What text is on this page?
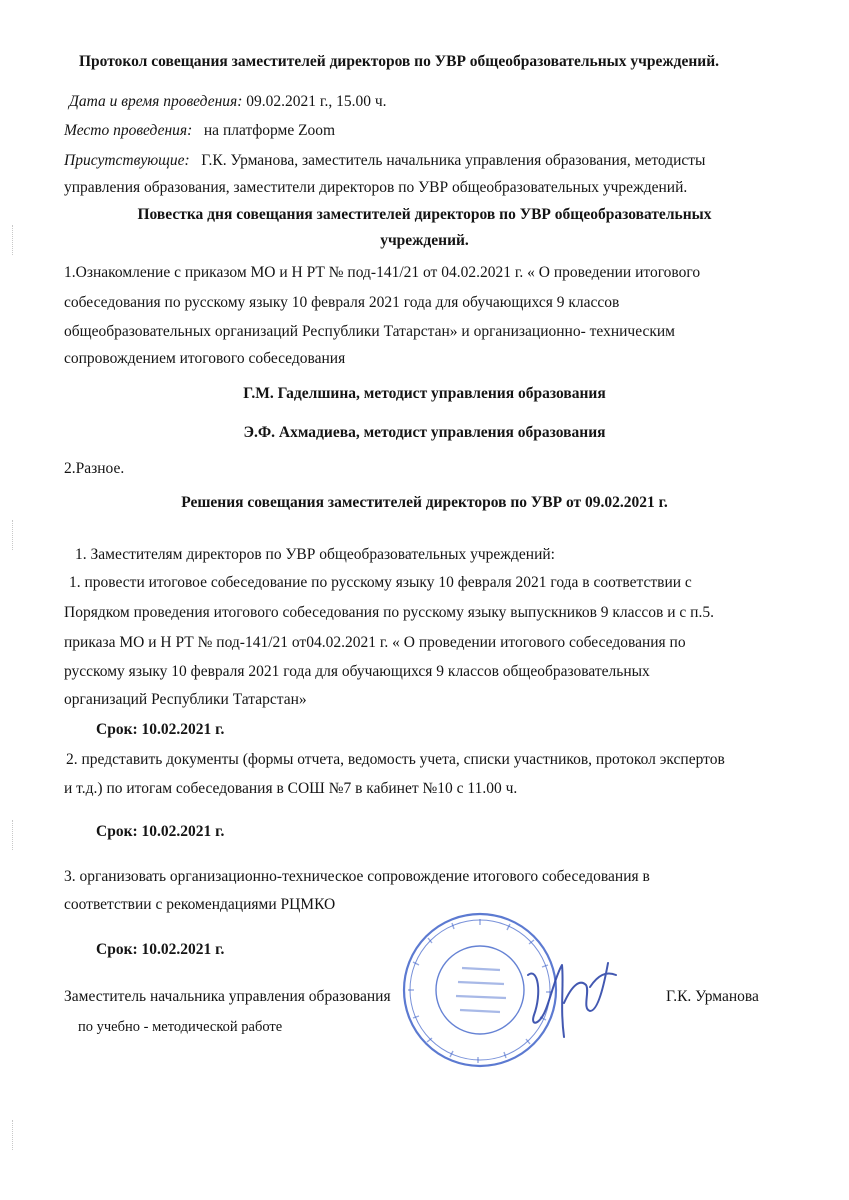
Протокол совещания заместителей директоров по УВР общеобразовательных учреждений.
Дата и время проведения: 09.02.2021 г., 15.00 ч.
Место проведения: на платформе Zoom
Присутствующие: Г.К. Урманова, заместитель начальника управления образования, методисты
управления образования, заместители директоров по УВР общеобразовательных учреждений.
Повестка дня совещания заместителей директоров по УВР общеобразовательных
учреждений.
1.Ознакомление с приказом МО и Н РТ № под-141/21 от 04.02.2021 г. « О проведении итогового
собеседования по русскому языку 10 февраля 2021 года для обучающихся 9 классов
общеобразовательных организаций Республики Татарстан» и организационно- техническим
сопровождением итогового собеседования
Г.М. Гаделшина, методист управления образования
Э.Ф. Ахмадиева, методист управления образования
2.Разное.
Решения совещания заместителей директоров по УВР от 09.02.2021 г.
1. Заместителям директоров по УВР общеобразовательных учреждений:
1. провести итоговое собеседование по русскому языку 10 февраля 2021 года в соответствии с
Порядком проведения итогового собеседования по русскому языку выпускников 9 классов и с п.5.
приказа МО и Н РТ № под-141/21 от04.02.2021 г. « О проведении итогового собеседования по
русскому языку 10 февраля 2021 года для обучающихся 9 классов общеобразовательных
организаций Республики Татарстан»
Срок: 10.02.2021 г.
2. представить документы (формы отчета, ведомость учета, списки участников, протокол экспертов
и т.д.) по итогам собеседования в СОШ №7 в кабинет №10 с 11.00 ч.
Срок: 10.02.2021 г.
3. организовать организационно-техническое сопровождение итогового собеседования в
соответствии с рекомендациями РЦМКО
Срок: 10.02.2021 г.
Заместитель начальника управления образования
по учебно - методической работе
Г.К. Урманова
